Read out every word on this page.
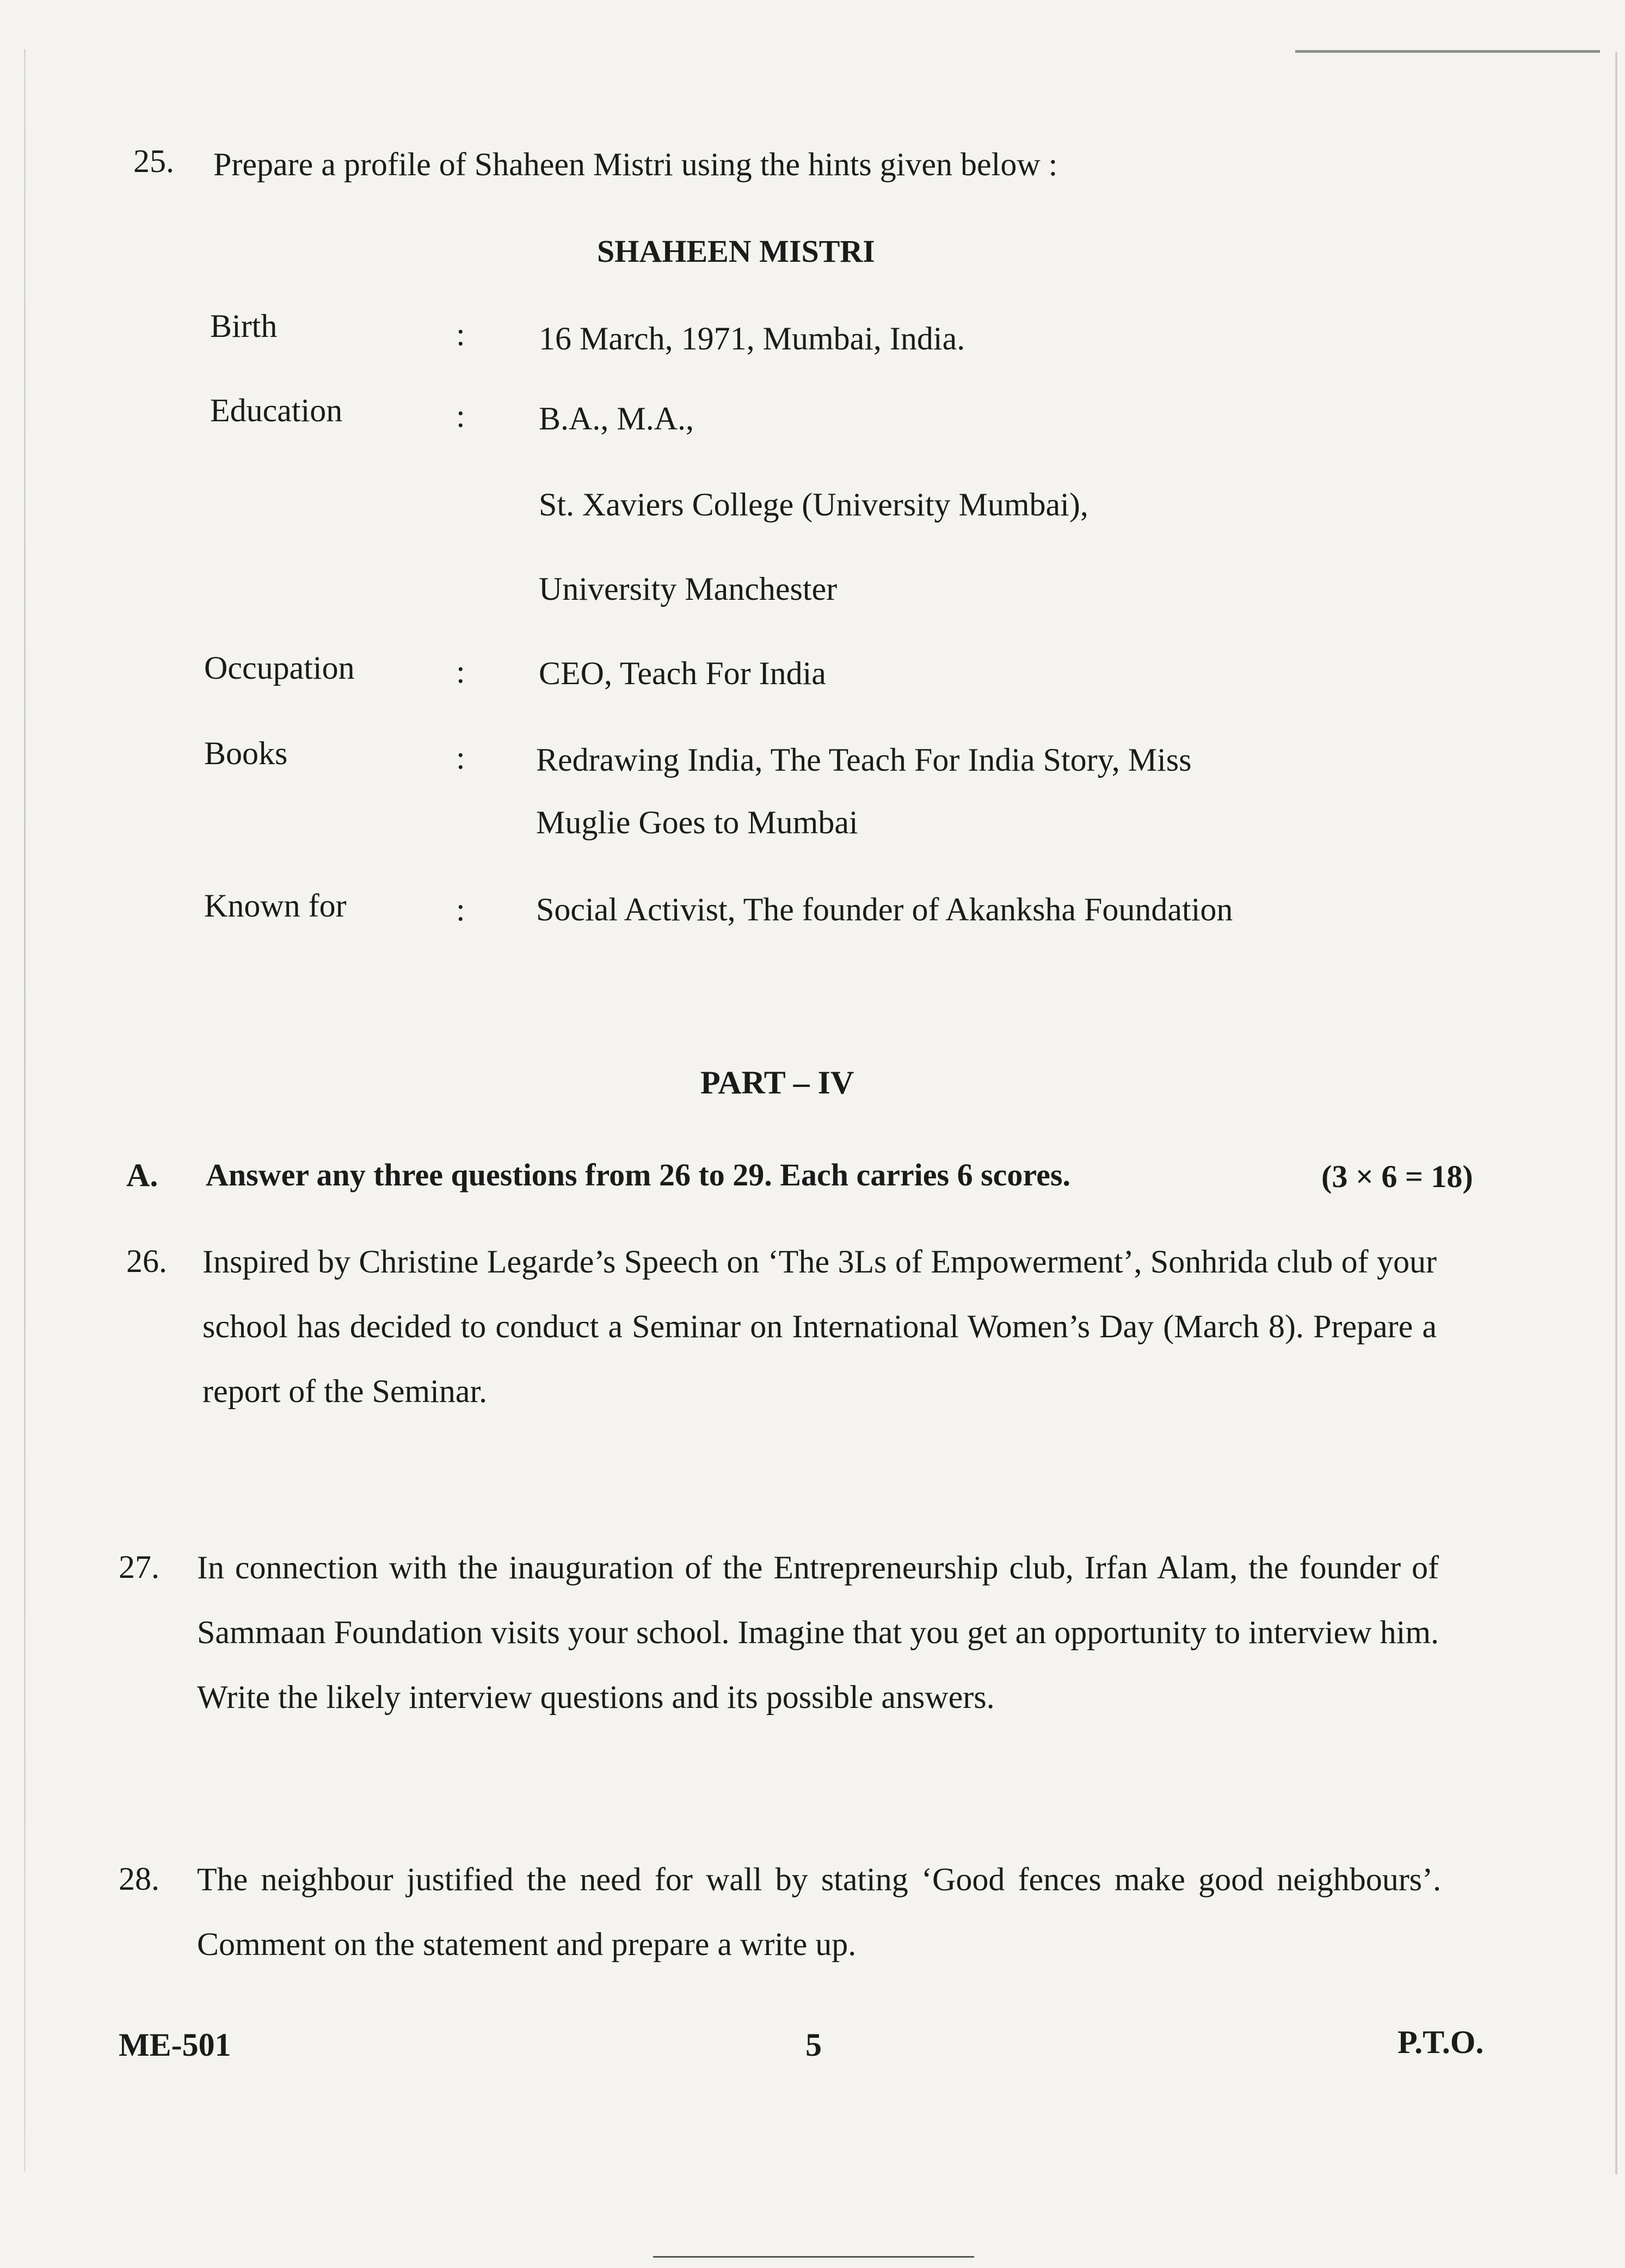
25. Prepare a profile of Shaheen Mistri using the hints given below :
SHAHEEN MISTRI
Birth	: 16 March, 1971, Mumbai, India.
Education	: B.A., M.A.,
St. Xaviers College (University Mumbai),
University Manchester
Occupation	: CEO, Teach For India
Books	: Redrawing India, The Teach For India Story, Miss
Muglie Goes to Mumbai
Known for	: Social Activist, The founder of Akanksha Foundation
PART – IV
A. Answer any three questions from 26 to 29. Each carries 6 scores.	(3 × 6 = 18)
26. Inspired by Christine Legarde’s Speech on ‘The 3Ls of Empowerment’, Sonhrida club of your school has decided to conduct a Seminar on International Women’s Day (March 8). Prepare a report of the Seminar.
27. In connection with the inauguration of the Entrepreneurship club, Irfan Alam, the founder of Sammaan Foundation visits your school. Imagine that you get an opportunity to interview him. Write the likely interview questions and its possible answers.
28. The neighbour justified the need for wall by stating ‘Good fences make good neighbours’. Comment on the statement and prepare a write up.
ME-501	5	P.T.O.
